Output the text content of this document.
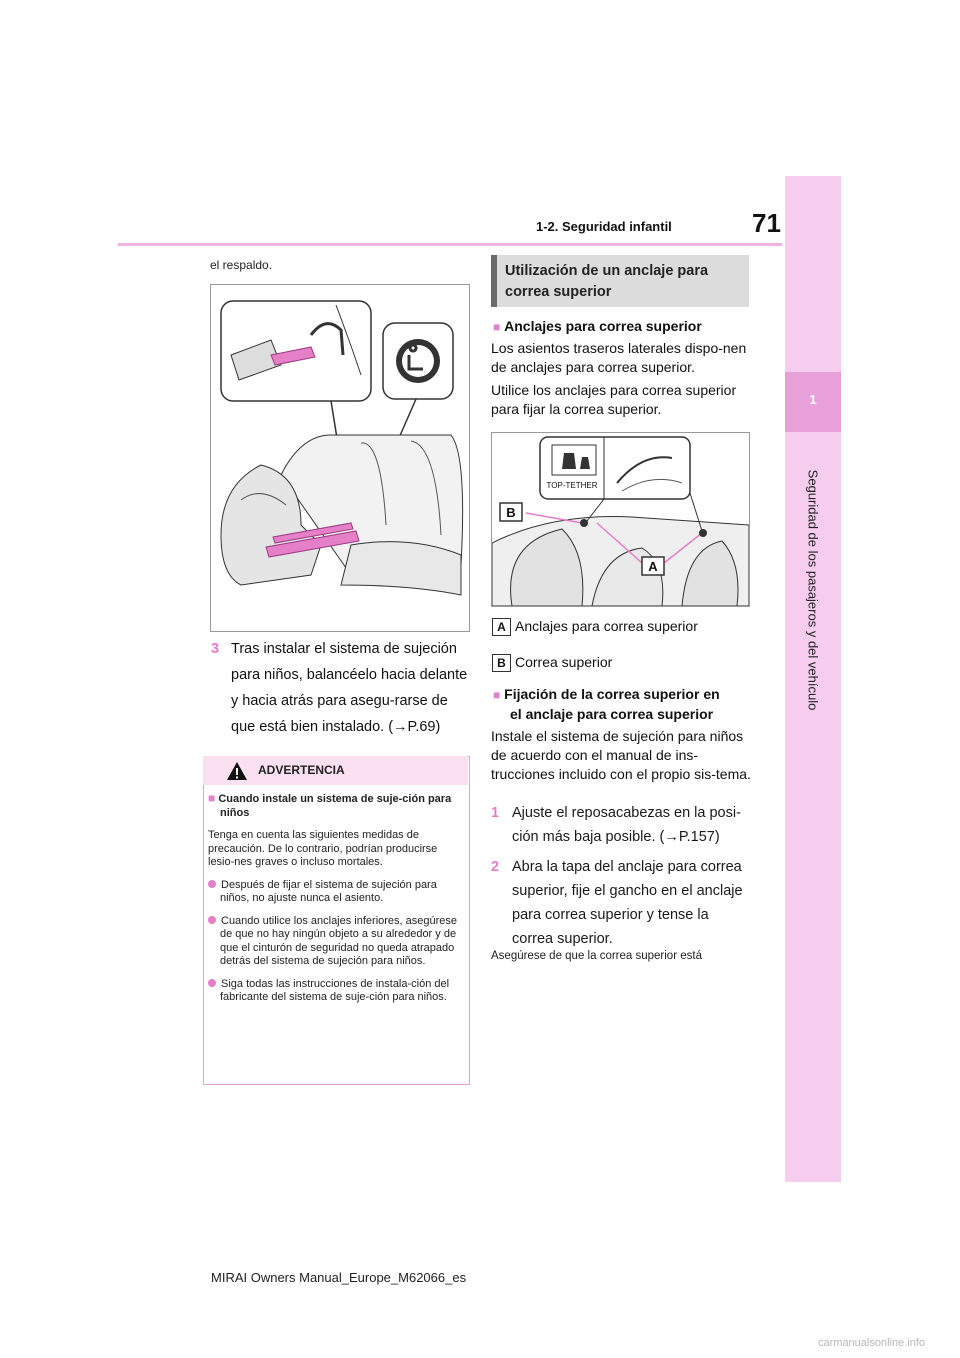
1
Seguridad de los pasajeros y del vehículo
71
1-2. Seguridad infantil
el respaldo.
3 Tras instalar el sistema de sujeción para niños, balancéelo hacia delante y hacia atrás para asegu-rarse de que está bien instalado. (→P.69)
ADVERTENCIA

■ Cuando instale un sistema de suje-ción para niños

Tenga en cuenta las siguientes medidas de precaución. De lo contrario, podrían producirse lesio-nes graves o incluso mortales.

Después de fijar el sistema de sujeción para niños, no ajuste nunca el asiento.

Cuando utilice los anclajes inferiores, asegúrese de que no hay ningún objeto a su alrededor y de que el cinturón de seguridad no queda atrapado detrás del sistema de sujeción para niños.

Siga todas las instrucciones de instala-ción del fabricante del sistema de suje-ción para niños.

Utilización de un anclaje para correa superior
■ Anclajes para correa superior
Los asientos traseros laterales dispo-nen de anclajes para correa superior.
Utilice los anclajes para correa superior para fijar la correa superior.
TOP-TETHER
B
A
A Anclajes para correa superior
B Correa superior
■ Fijación de la correa superior en
el anclaje para correa superior
Instale el sistema de sujeción para niños de acuerdo con el manual de ins-trucciones incluido con el propio sis-tema.
1 Ajuste el reposacabezas en la posi-ción más baja posible. (→P.157)
2 Abra la tapa del anclaje para correa superior, fije el gancho en el anclaje para correa superior y tense la correa superior.
Asegúrese de que la correa superior está
MIRAI Owners Manual_Europe_M62066_es
carmanualsonline.info
